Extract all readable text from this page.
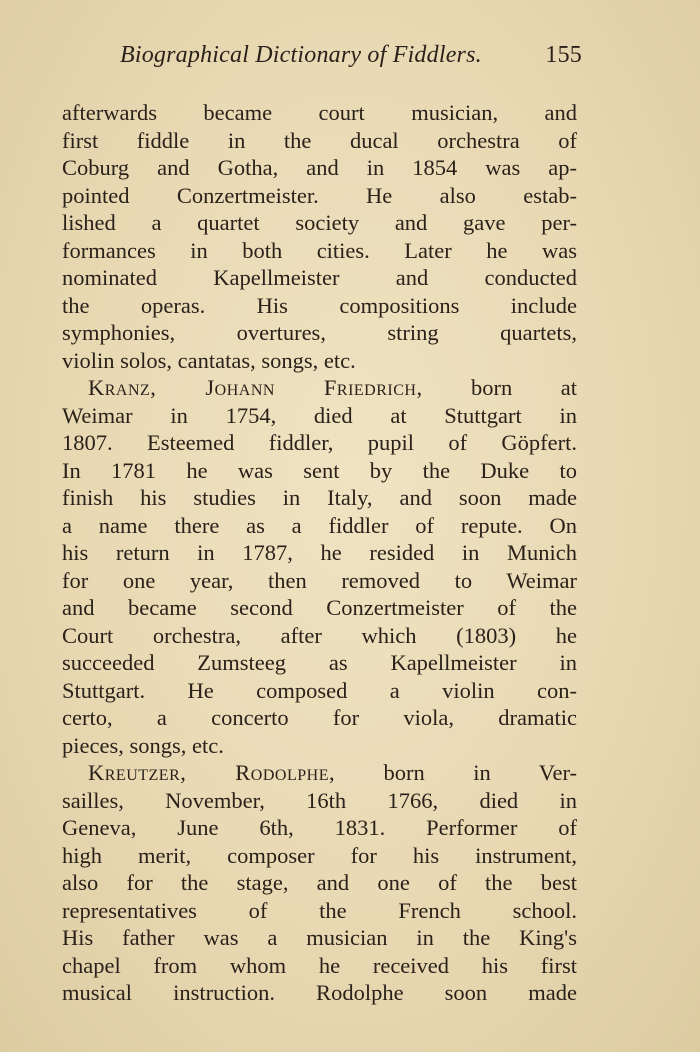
Biographical Dictionary of Fiddlers.	155
afterwards became court musician, and
first fiddle in the ducal orchestra of
Coburg and Gotha, and in 1854 was ap-
pointed Conzertmeister. He also estab-
lished a quartet society and gave per-
formances in both cities. Later he was
nominated Kapellmeister and conducted
the operas. His compositions include
symphonies, overtures, string quartets,
violin solos, cantatas, songs, etc.
Kranz, Johann Friedrich, born at
Weimar in 1754, died at Stuttgart in
1807. Esteemed fiddler, pupil of Göpfert.
In 1781 he was sent by the Duke to
finish his studies in Italy, and soon made
a name there as a fiddler of repute. On
his return in 1787, he resided in Munich
for one year, then removed to Weimar
and became second Conzertmeister of the
Court orchestra, after which (1803) he
succeeded Zumsteeg as Kapellmeister in
Stuttgart. He composed a violin con-
certo, a concerto for viola, dramatic
pieces, songs, etc.
Kreutzer, Rodolphe, born in Ver-
sailles, November, 16th 1766, died in
Geneva, June 6th, 1831. Performer of
high merit, composer for his instrument,
also for the stage, and one of the best
representatives of the French school.
His father was a musician in the King's
chapel from whom he received his first
musical instruction. Rodolphe soon made
